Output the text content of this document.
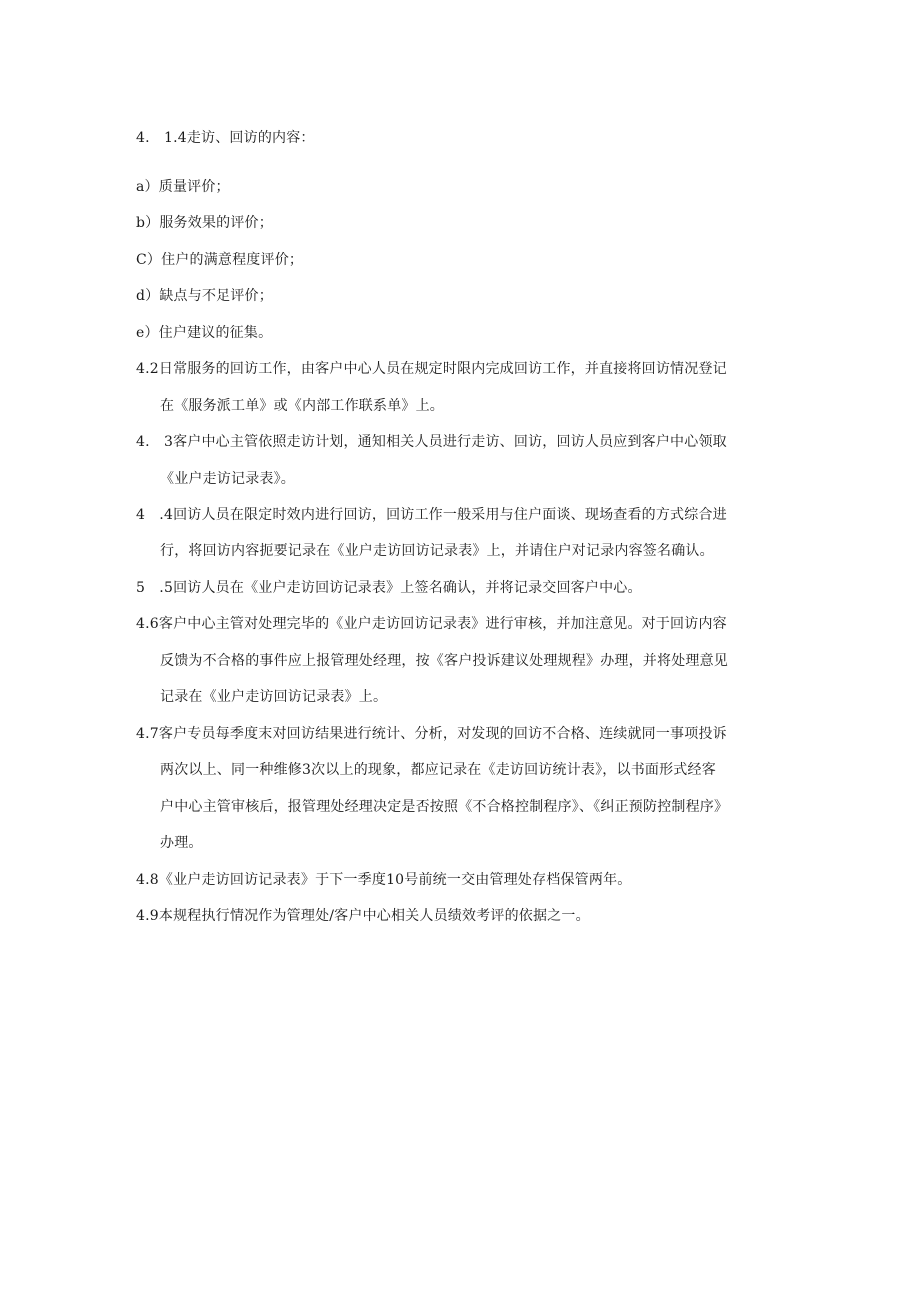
4.　1.4走访、回访的内容：
a）质量评价；
b）服务效果的评价；
C）住户的满意程度评价；
d）缺点与不足评价；
e）住户建议的征集。
4.2日常服务的回访工作，由客户中心人员在规定时限内完成回访工作，并直接将回访情况登记
在《服务派工单》或《内部工作联系单》上。
4.　3客户中心主管依照走访计划，通知相关人员进行走访、回访，回访人员应到客户中心领取
《业户走访记录表》。
4　.4回访人员在限定时效内进行回访，回访工作一般采用与住户面谈、现场查看的方式综合进
行，将回访内容扼要记录在《业户走访回访记录表》上，并请住户对记录内容签名确认。
5　.5回访人员在《业户走访回访记录表》上签名确认，并将记录交回客户中心。
4.6客户中心主管对处理完毕的《业户走访回访记录表》进行审核，并加注意见。对于回访内容
反馈为不合格的事件应上报管理处经理，按《客户投诉建议处理规程》办理，并将处理意见
记录在《业户走访回访记录表》上。
4.7客户专员每季度末对回访结果进行统计、分析，对发现的回访不合格、连续就同一事项投诉
两次以上、同一种维修3次以上的现象，都应记录在《走访回访统计表》，以书面形式经客
户中心主管审核后，报管理处经理决定是否按照《不合格控制程序》、《纠正预防控制程序》
办理。
4.8《业户走访回访记录表》于下一季度10号前统一交由管理处存档保管两年。
4.9本规程执行情况作为管理处/客户中心相关人员绩效考评的依据之一。
